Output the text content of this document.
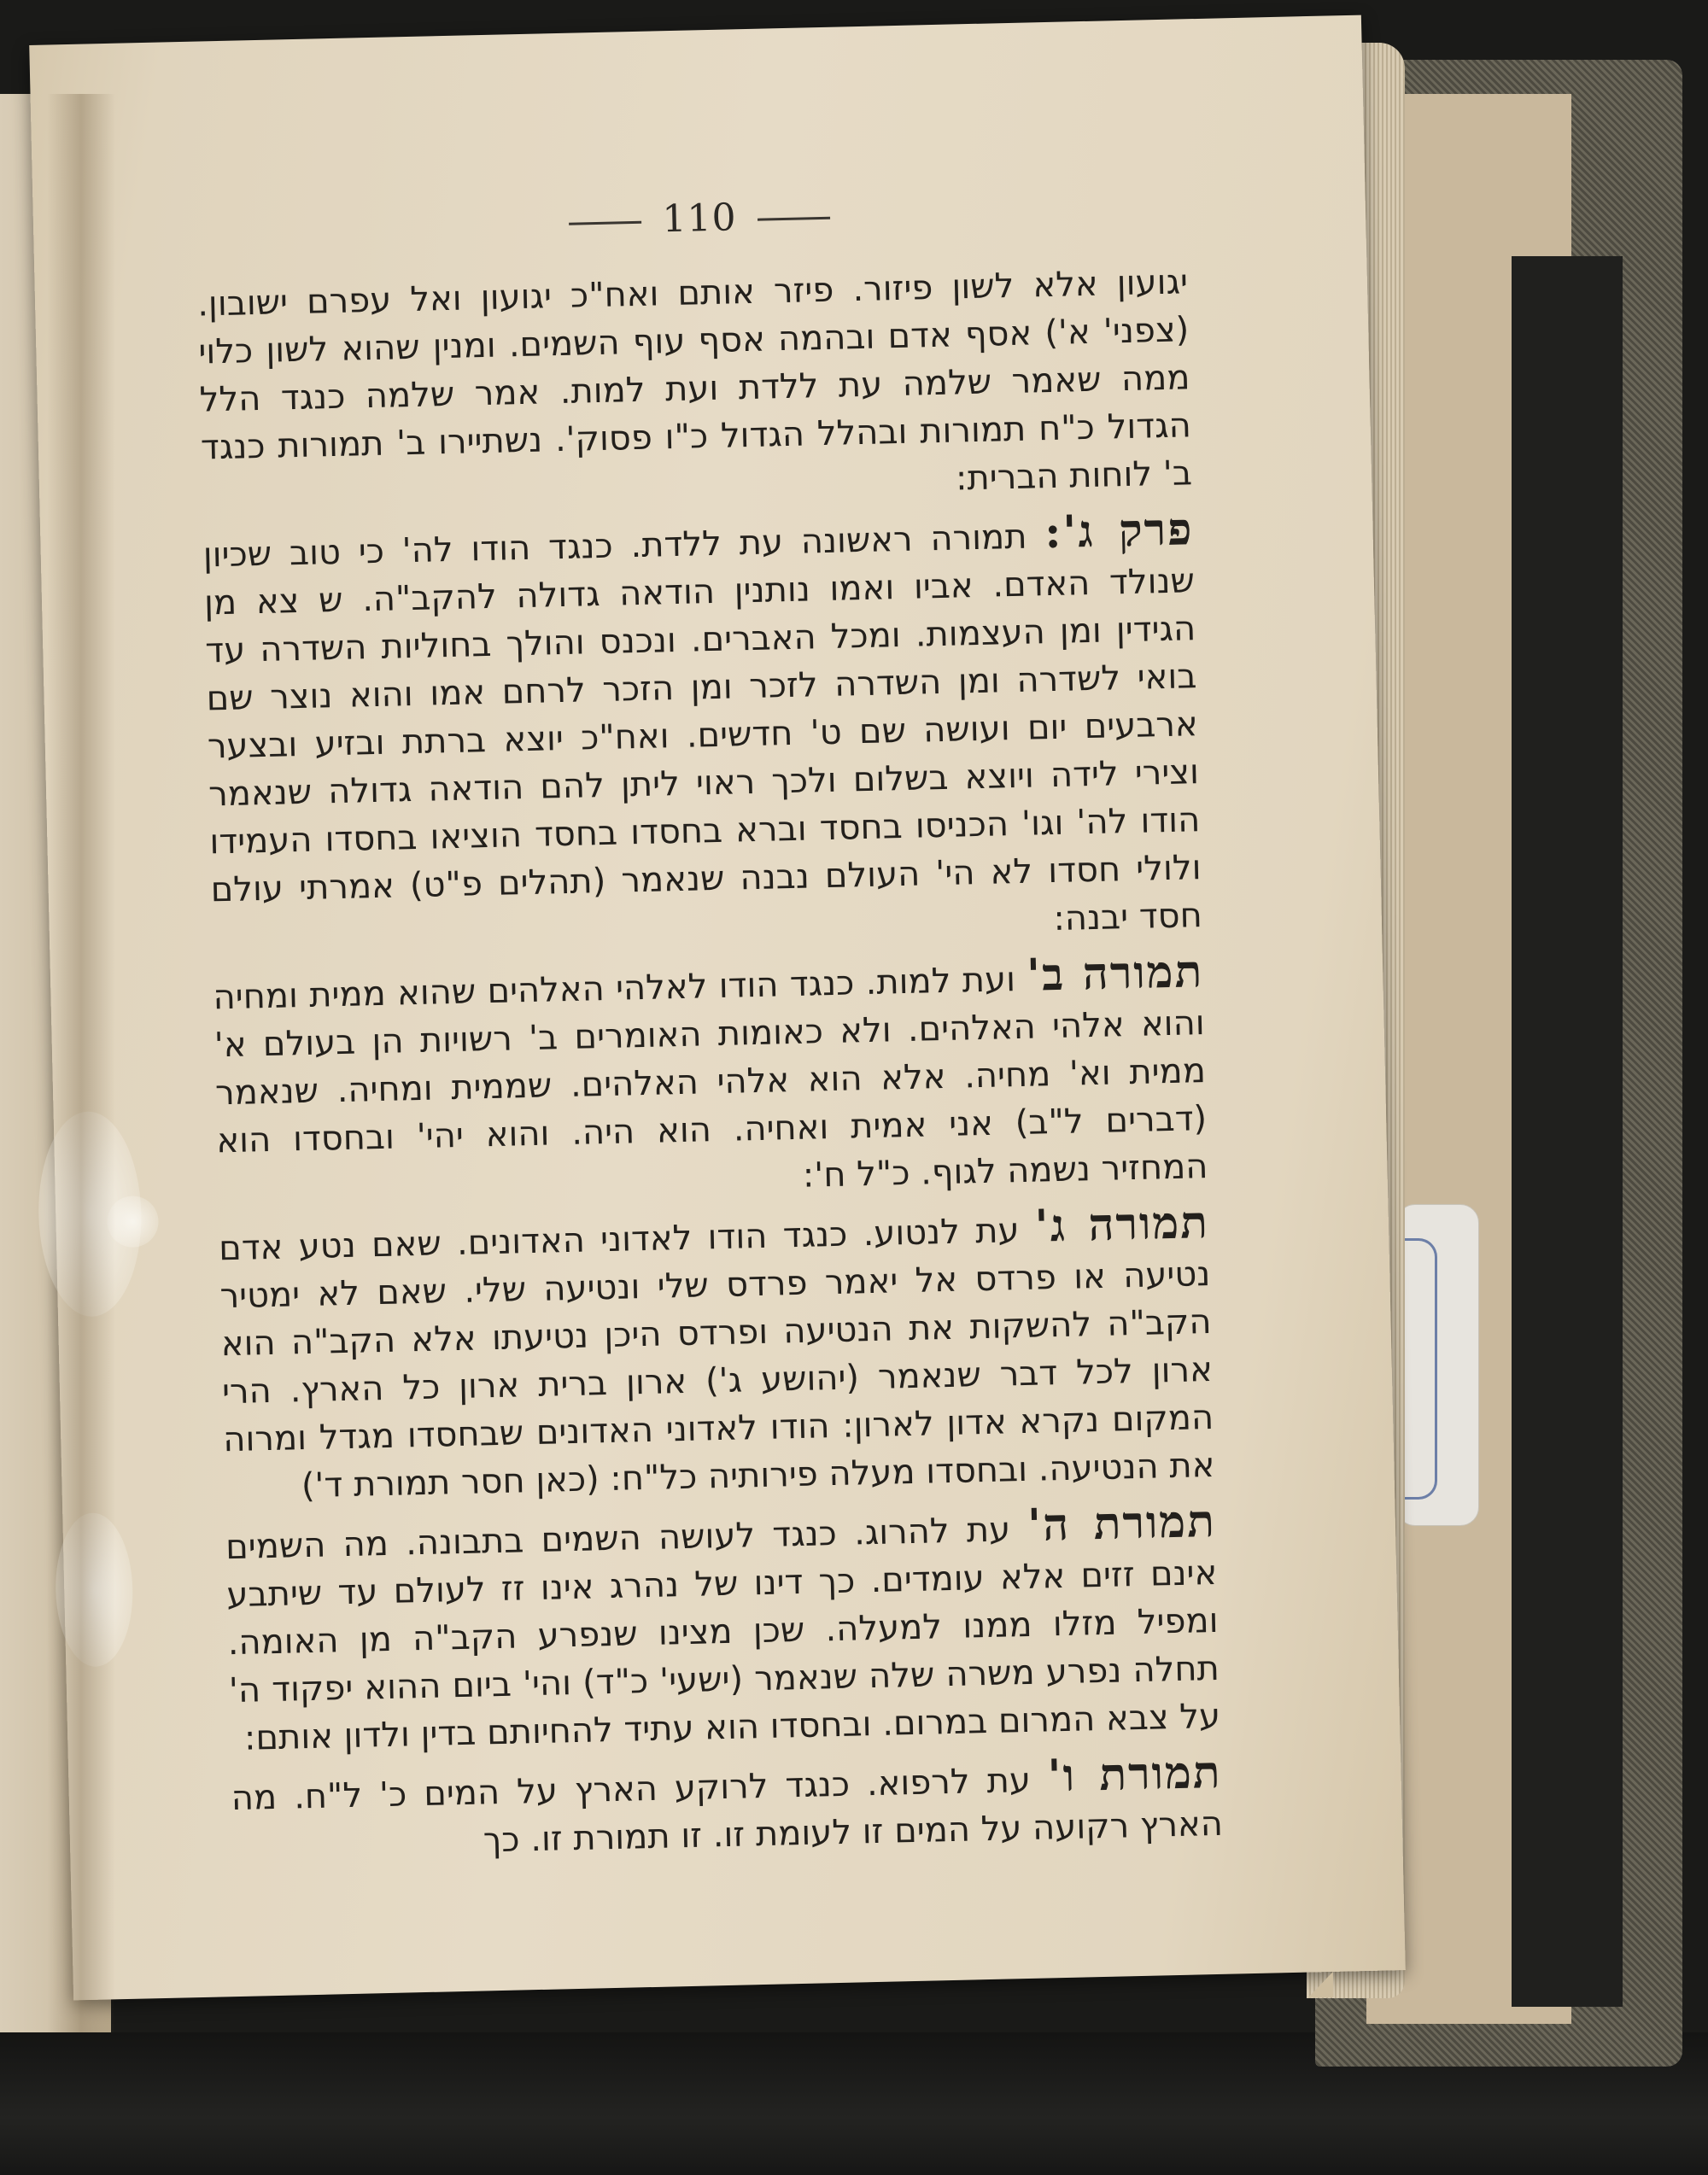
110

יגועון אלא לשון פיזור. פיזר אותם ואח"כ יגועון ואל עפרם ישובון. (צפני' א') אסף אדם ובהמה אסף עוף השמים. ומנין שהוא לשון כלוי ממה שאמר שלמה עת ללדת ועת למות. אמר שלמה כנגד הלל הגדול כ"ח תמורות ובהלל הגדול כ"ו פסוק'. נשתיירו ב' תמורות כנגד ב' לוחות הברית:

פרק ג': תמורה ראשונה עת ללדת. כנגד הודו לה' כי טוב שכיון שנולד האדם. אביו ואמו נותנין הודאה גדולה להקב"ה. ש צא מן הגידין ומן העצמות. ומכל האברים. ונכנס והולך בחוליות השדרה עד בואי לשדרה ומן השדרה לזכר ומן הזכר לרחם אמו והוא נוצר שם ארבעים יום ועושה שם ט' חדשים. ואח"כ יוצא ברתת ובזיע ובצער וצירי לידה ויוצא בשלום ולכך ראוי ליתן להם הודאה גדולה שנאמר הודו לה' וגו' הכניסו בחסד וברא בחסדו בחסד הוציאו בחסדו העמידו ולולי חסדו לא הי' העולם נבנה שנאמר (תהלים פ"ט) אמרתי עולם חסד יבנה:

תמורה ב' ועת למות. כנגד הודו לאלהי האלהים שהוא ממית ומחיה והוא אלהי האלהים. ולא כאומות האומרים ב' רשויות הן בעולם א' ממית וא' מחיה. אלא הוא אלהי האלהים. שממית ומחיה. שנאמר (דברים ל"ב) אני אמית ואחיה. הוא היה. והוא יהי' ובחסדו הוא המחזיר נשמה לגוף. כ"ל ח':

תמורה ג' עת לנטוע. כנגד הודו לאדוני האדונים. שאם נטע אדם נטיעה או פרדס אל יאמר פרדס שלי ונטיעה שלי. שאם לא ימטיר הקב"ה להשקות את הנטיעה ופרדס היכן נטיעתו אלא הקב"ה הוא ארון לכל דבר שנאמר (יהושע ג') ארון ברית ארון כל הארץ. הרי המקום נקרא אדון לארון: הודו לאדוני האדונים שבחסדו מגדל ומרוה את הנטיעה. ובחסדו מעלה פירותיה כל"ח: (כאן חסר תמורת ד')

תמורת ה' עת להרוג. כנגד לעושה השמים בתבונה. מה השמים אינם זזים אלא עומדים. כך דינו של נהרג אינו זז לעולם עד שיתבע ומפיל מזלו ממנו למעלה. שכן מצינו שנפרע הקב"ה מן האומה. תחלה נפרע משרה שלה שנאמר (ישעי' כ"ד) והי' ביום ההוא יפקוד ה' על צבא המרום במרום. ובחסדו הוא עתיד להחיותם בדין ולדון אותם:

תמורת ו' עת לרפוא. כנגד לרוקע הארץ על המים כ' ל"ח. מה הארץ רקועה על המים זו לעומת זו. זו תמורת זו. כך
